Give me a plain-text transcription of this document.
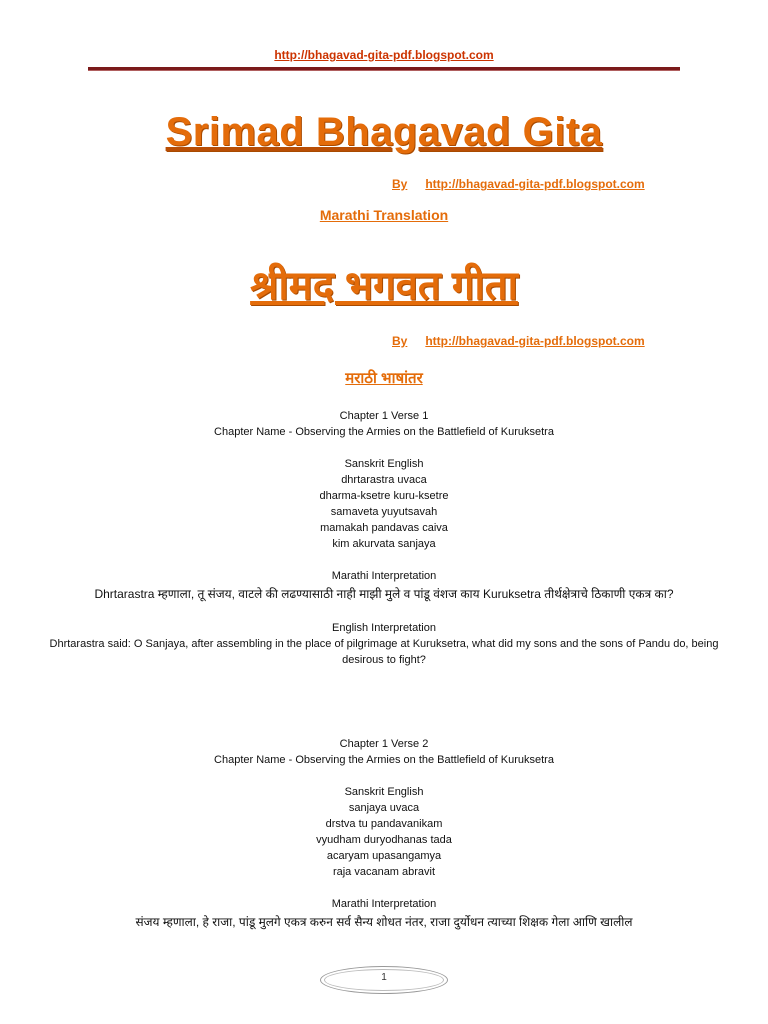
http://bhagavad-gita-pdf.blogspot.com
Srimad Bhagavad Gita
By http://bhagavad-gita-pdf.blogspot.com
Marathi Translation
श्रीमद भगवत गीता
By http://bhagavad-gita-pdf.blogspot.com
मराठी भाषांतर

Chapter 1 Verse 1

Chapter Name - Observing the Armies on the Battlefield of Kuruksetra

Sanskrit English

dhrtarastra uvaca

dharma-ksetre kuru-ksetre

samaveta yuyutsavah

mamakah pandavas caiva

kim akurvata sanjaya

Marathi Interpretation

Dhrtarastra म्हणाला, तू संजय, वाटले की लढण्यासाठी नाही माझी मुले व पांडू वंशज काय Kuruksetra तीर्थक्षेत्राचे ठिकाणी एकत्र का?

English Interpretation

Dhrtarastra said: O Sanjaya, after assembling in the place of pilgrimage at Kuruksetra, what did my sons and the sons of Pandu do, being desirous to fight?

Chapter 1 Verse 2

Chapter Name - Observing the Armies on the Battlefield of Kuruksetra

Sanskrit English

sanjaya uvaca

drstva tu pandavanikam

vyudham duryodhanas tada

acaryam upasangamya

raja vacanam abravit

Marathi Interpretation

संजय म्हणाला, हे राजा, पांडू मुलगे एकत्र करुन सर्व सैन्य शोधत नंतर, राजा दुर्योधन त्याच्या शिक्षक गेला आणि खालील

1
